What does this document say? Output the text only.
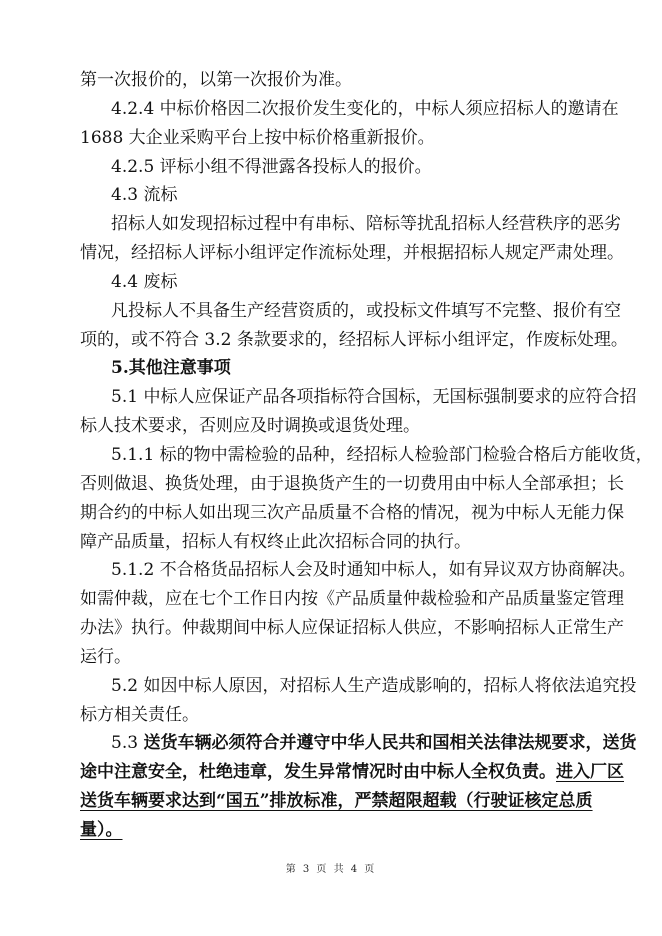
第一次报价的，以第一次报价为准。
4.2.4 中标价格因二次报价发生变化的，中标人须应招标人的邀请在
1688 大企业采购平台上按中标价格重新报价。
4.2.5 评标小组不得泄露各投标人的报价。
4.3 流标
招标人如发现招标过程中有串标、陪标等扰乱招标人经营秩序的恶劣
情况，经招标人评标小组评定作流标处理，并根据招标人规定严肃处理。
4.4 废标
凡投标人不具备生产经营资质的，或投标文件填写不完整、报价有空
项的，或不符合 3.2 条款要求的，经招标人评标小组评定，作废标处理。
5.其他注意事项
5.1 中标人应保证产品各项指标符合国标，无国标强制要求的应符合招
标人技术要求，否则应及时调换或退货处理。
5.1.1 标的物中需检验的品种，经招标人检验部门检验合格后方能收货，
否则做退、换货处理，由于退换货产生的一切费用由中标人全部承担；长
期合约的中标人如出现三次产品质量不合格的情况，视为中标人无能力保
障产品质量，招标人有权终止此次招标合同的执行。
5.1.2 不合格货品招标人会及时通知中标人，如有异议双方协商解决。
如需仲裁，应在七个工作日内按《产品质量仲裁检验和产品质量鉴定管理
办法》执行。仲裁期间中标人应保证招标人供应，不影响招标人正常生产
运行。
5.2 如因中标人原因，对招标人生产造成影响的，招标人将依法追究投
标方相关责任。
5.3 送货车辆必须符合并遵守中华人民共和国相关法律法规要求，送货
途中注意安全，杜绝违章，发生异常情况时由中标人全权负责。进入厂区
送货车辆要求达到“国五”排放标准，严禁超限超载（行驶证核定总质
量）。
第 3 页 共 4 页
